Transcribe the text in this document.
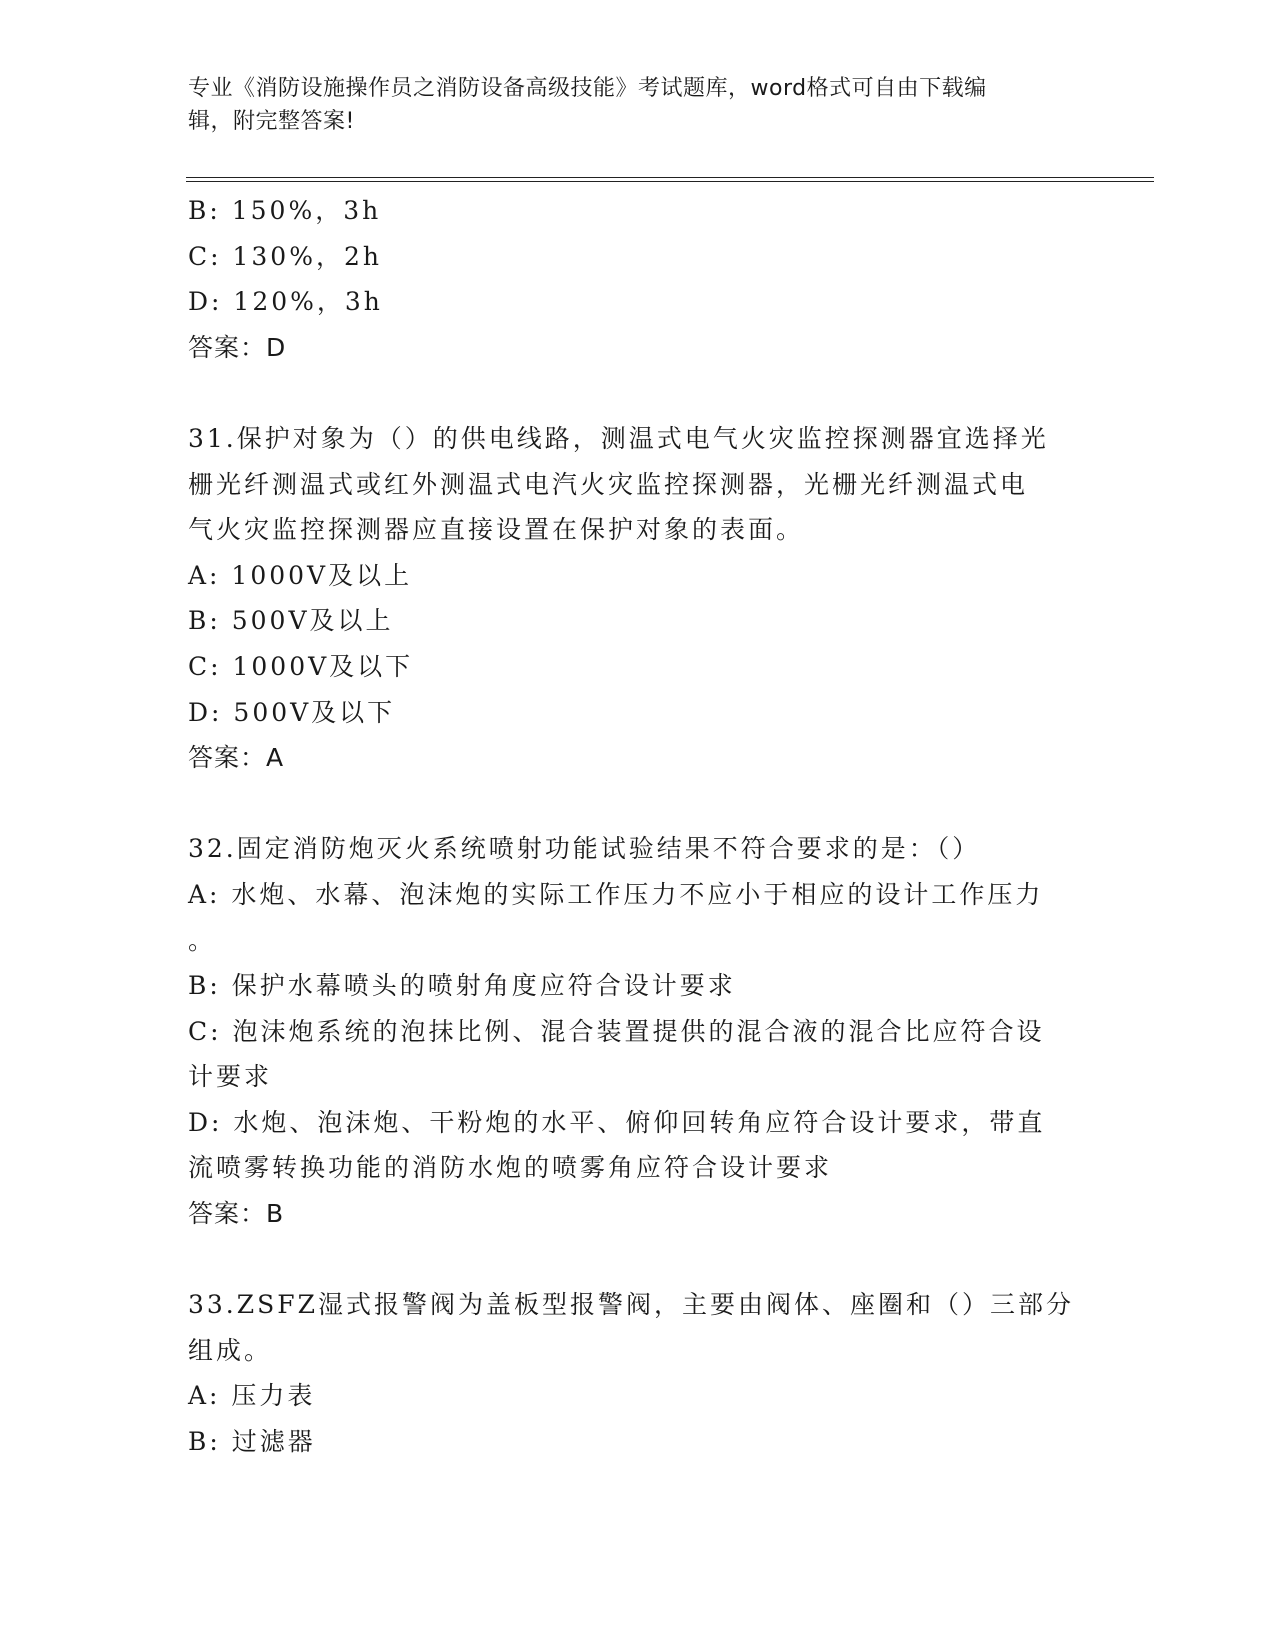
专业《消防设施操作员之消防设备高级技能》考试题库，word格式可自由下载编
辑，附完整答案!
B: 150%，3h
C: 130%，2h
D: 120%，3h
答案：D
31.保护对象为（）的供电线路，测温式电气火灾监控探测器宜选择光
栅光纤测温式或红外测温式电汽火灾监控探测器，光栅光纤测温式电
气火灾监控探测器应直接设置在保护对象的表面。
A: 1000V及以上
B: 500V及以上
C: 1000V及以下
D: 500V及以下
答案：A
32.固定消防炮灭火系统喷射功能试验结果不符合要求的是：（）
A: 水炮、水幕、泡沫炮的实际工作压力不应小于相应的设计工作压力
。
B: 保护水幕喷头的喷射角度应符合设计要求
C: 泡沫炮系统的泡抹比例、混合装置提供的混合液的混合比应符合设
计要求
D: 水炮、泡沫炮、干粉炮的水平、俯仰回转角应符合设计要求，带直
流喷雾转换功能的消防水炮的喷雾角应符合设计要求
答案：B
33.ZSFZ湿式报警阀为盖板型报警阀，主要由阀体、座圈和（）三部分
组成。
A: 压力表
B: 过滤器
